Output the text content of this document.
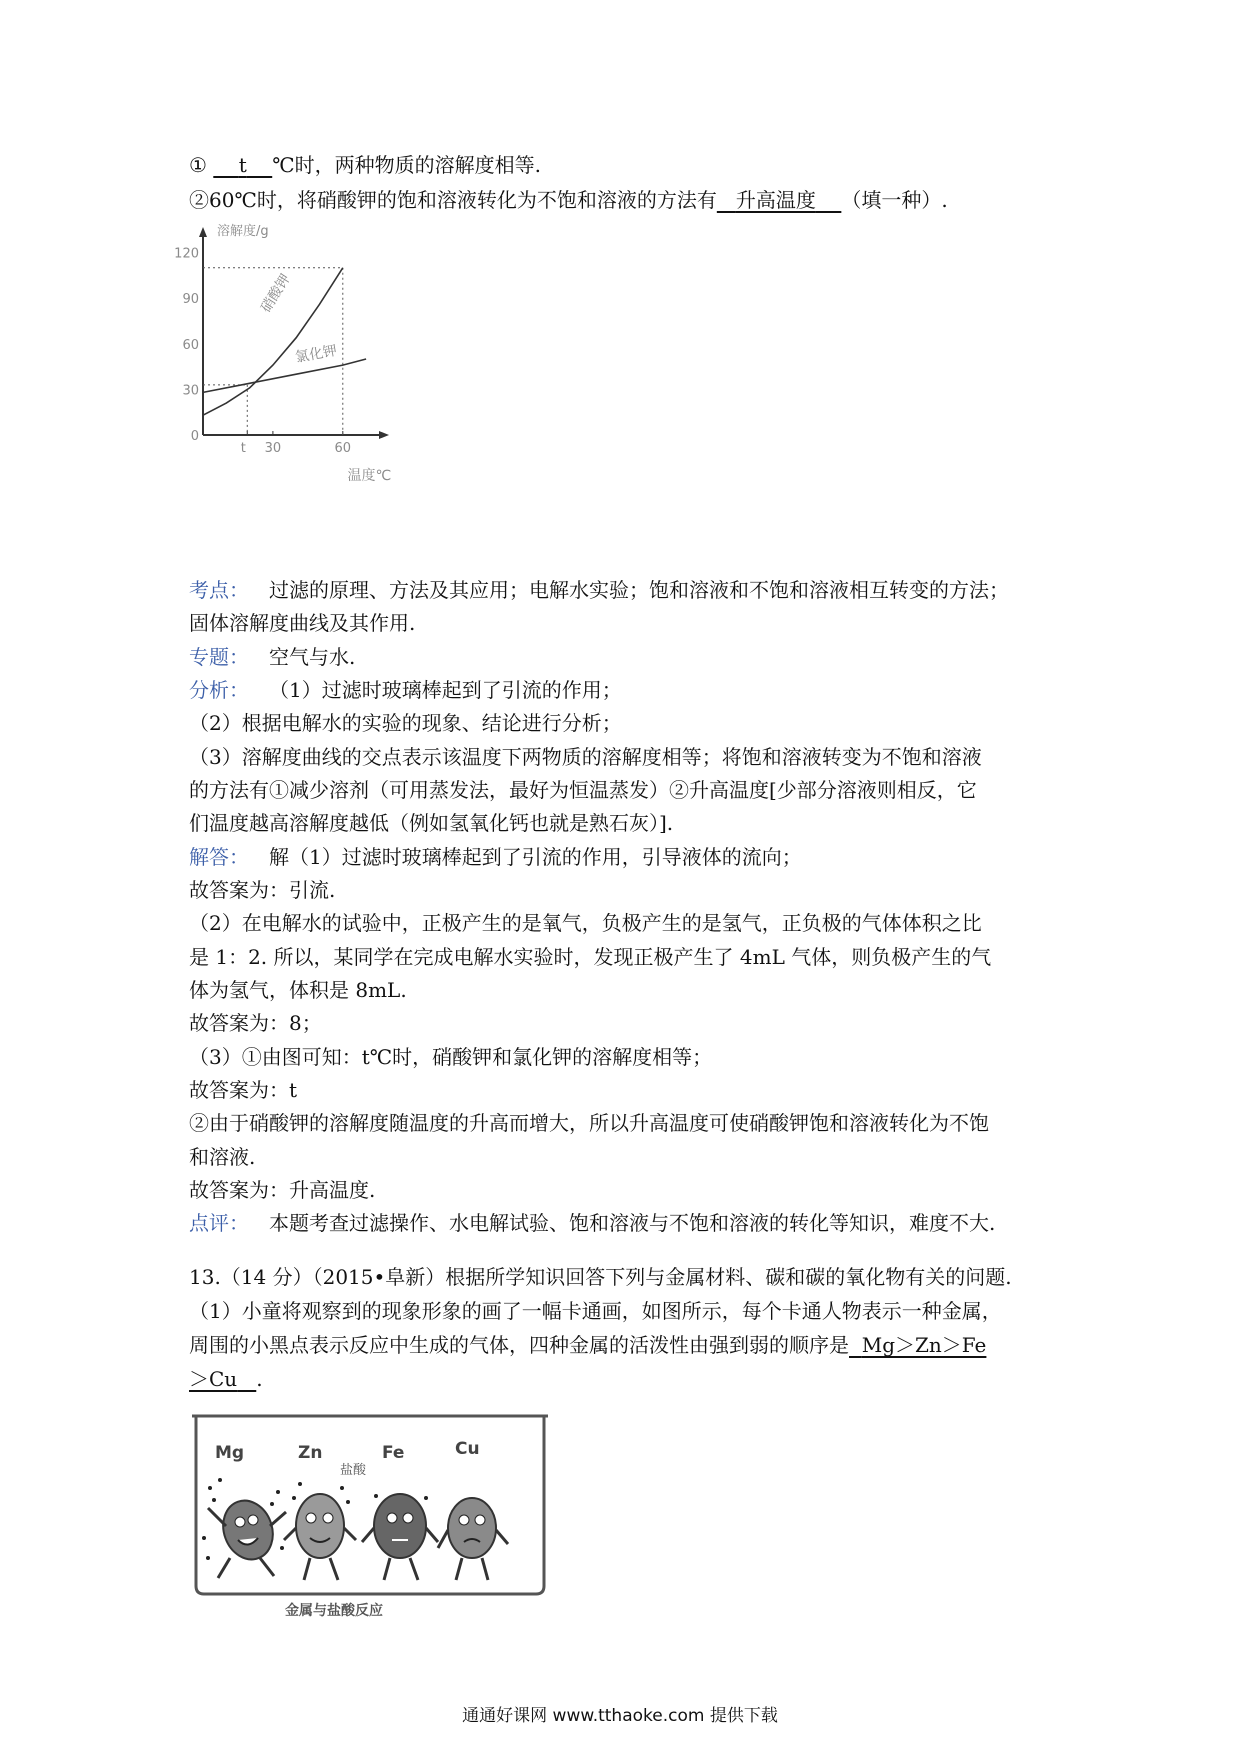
① t ℃时，两种物质的溶解度相等.
②60℃时，将硝酸钾的饱和溶液转化为不饱和溶液的方法有 升高温度 （填一种）.
0
30
60
90
120
t 30	60
溶解度/g
温度℃
硝酸钾
氯化钾
考点： 过滤的原理、方法及其应用；电解水实验；饱和溶液和不饱和溶液相互转变的方法；
固体溶解度曲线及其作用.
专题： 空气与水.
分析： （1）过滤时玻璃棒起到了引流的作用；
（2）根据电解水的实验的现象、结论进行分析；
（3）溶解度曲线的交点表示该温度下两物质的溶解度相等；将饱和溶液转变为不饱和溶液
的方法有①减少溶剂（可用蒸发法，最好为恒温蒸发）②升高温度[少部分溶液则相反，它
们温度越高溶解度越低（例如氢氧化钙也就是熟石灰）].
解答： 解（1）过滤时玻璃棒起到了引流的作用，引导液体的流向；
故答案为：引流.
（2）在电解水的试验中，正极产生的是氧气，负极产生的是氢气，正负极的气体体积之比
是 1：2. 所以，某同学在完成电解水实验时，发现正极产生了 4mL 气体，则负极产生的气
体为氢气，体积是 8mL.
故答案为：8；
（3）①由图可知：t℃时，硝酸钾和氯化钾的溶解度相等；
故答案为：t
②由于硝酸钾的溶解度随温度的升高而增大，所以升高温度可使硝酸钾饱和溶液转化为不饱
和溶液.
故答案为：升高温度.
点评： 本题考查过滤操作、水电解试验、饱和溶液与不饱和溶液的转化等知识，难度不大.
13.（14 分）（2015•阜新）根据所学知识回答下列与金属材料、碳和碳的氧化物有关的问题.
（1）小童将观察到的现象形象的画了一幅卡通画，如图所示，每个卡通人物表示一种金属，
周围的小黑点表示反应中生成的气体，四种金属的活泼性由强到弱的顺序是 Mg＞Zn＞Fe
＞Cu .
Mg	Zn	Fe	Cu
盐酸
金属与盐酸反应
通通好课网 www.tthaoke.com 提供下载
